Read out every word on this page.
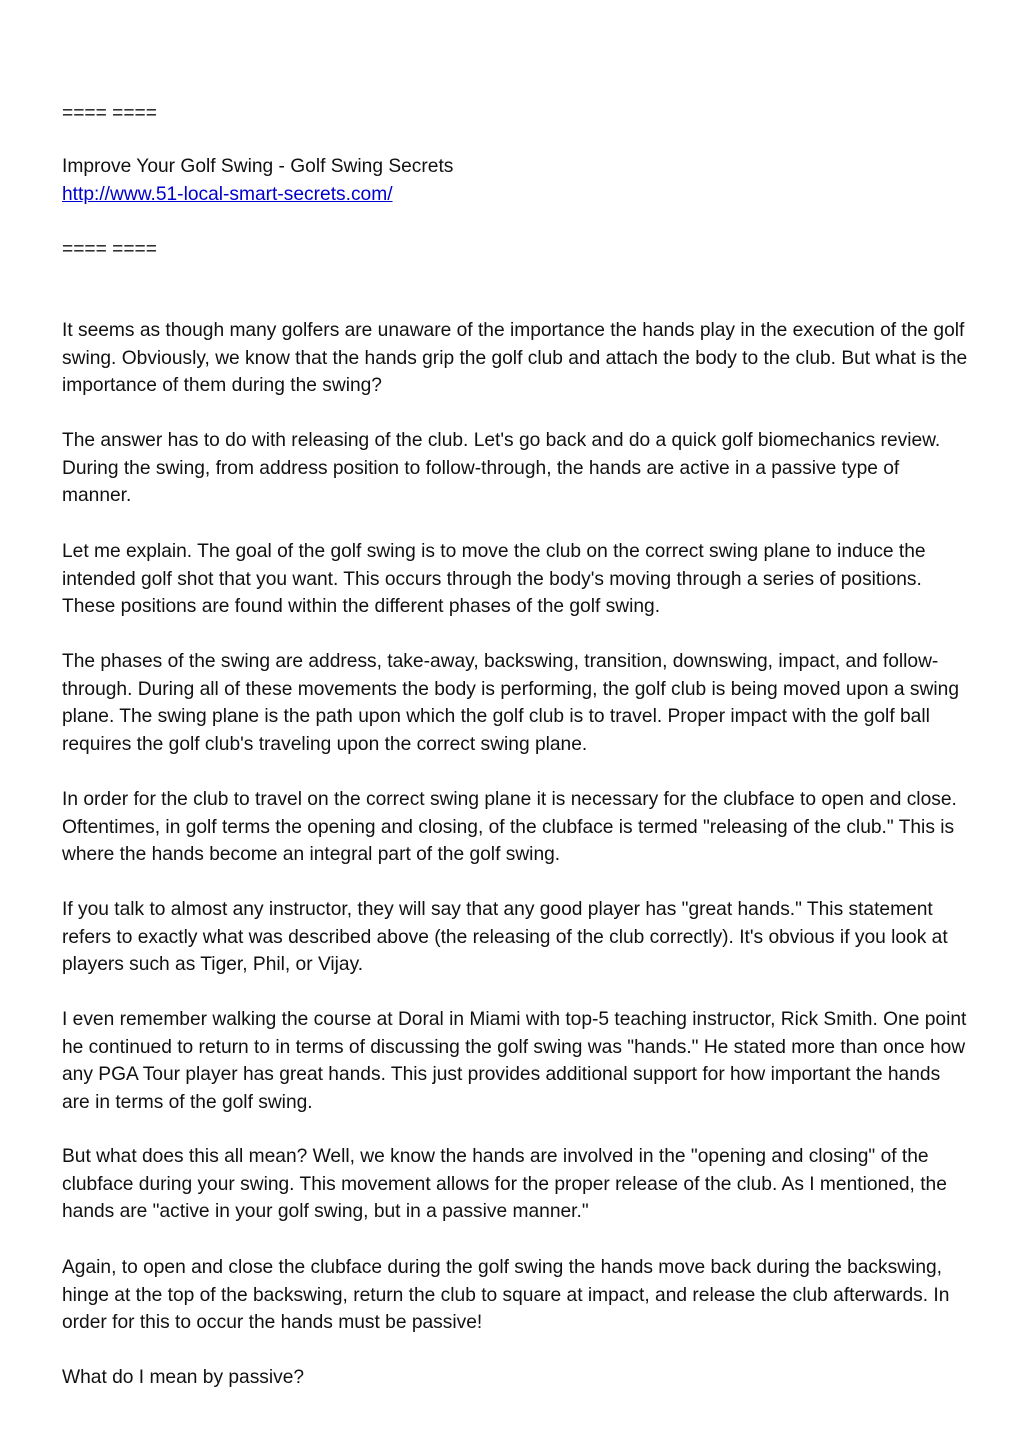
==== ====
Improve Your Golf Swing - Golf Swing Secrets
http://www.51-local-smart-secrets.com/
==== ====

It seems as though many golfers are unaware of the importance the hands play in the execution of the golf swing. Obviously, we know that the hands grip the golf club and attach the body to the club. But what is the importance of them during the swing?

The answer has to do with releasing of the club. Let's go back and do a quick golf biomechanics review. During the swing, from address position to follow-through, the hands are active in a passive type of manner.

Let me explain. The goal of the golf swing is to move the club on the correct swing plane to induce the intended golf shot that you want. This occurs through the body's moving through a series of positions. These positions are found within the different phases of the golf swing.

The phases of the swing are address, take-away, backswing, transition, downswing, impact, and follow-through. During all of these movements the body is performing, the golf club is being moved upon a swing plane. The swing plane is the path upon which the golf club is to travel. Proper impact with the golf ball requires the golf club's traveling upon the correct swing plane.

In order for the club to travel on the correct swing plane it is necessary for the clubface to open and close. Oftentimes, in golf terms the opening and closing, of the clubface is termed "releasing of the club." This is where the hands become an integral part of the golf swing.

If you talk to almost any instructor, they will say that any good player has "great hands." This statement refers to exactly what was described above (the releasing of the club correctly). It's obvious if you look at players such as Tiger, Phil, or Vijay.

I even remember walking the course at Doral in Miami with top-5 teaching instructor, Rick Smith. One point he continued to return to in terms of discussing the golf swing was "hands." He stated more than once how any PGA Tour player has great hands. This just provides additional support for how important the hands are in terms of the golf swing.

But what does this all mean? Well, we know the hands are involved in the "opening and closing" of the clubface during your swing. This movement allows for the proper release of the club. As I mentioned, the hands are "active in your golf swing, but in a passive manner."

Again, to open and close the clubface during the golf swing the hands move back during the backswing, hinge at the top of the backswing, return the club to square at impact, and release the club afterwards. In order for this to occur the hands must be passive!

What do I mean by passive?
